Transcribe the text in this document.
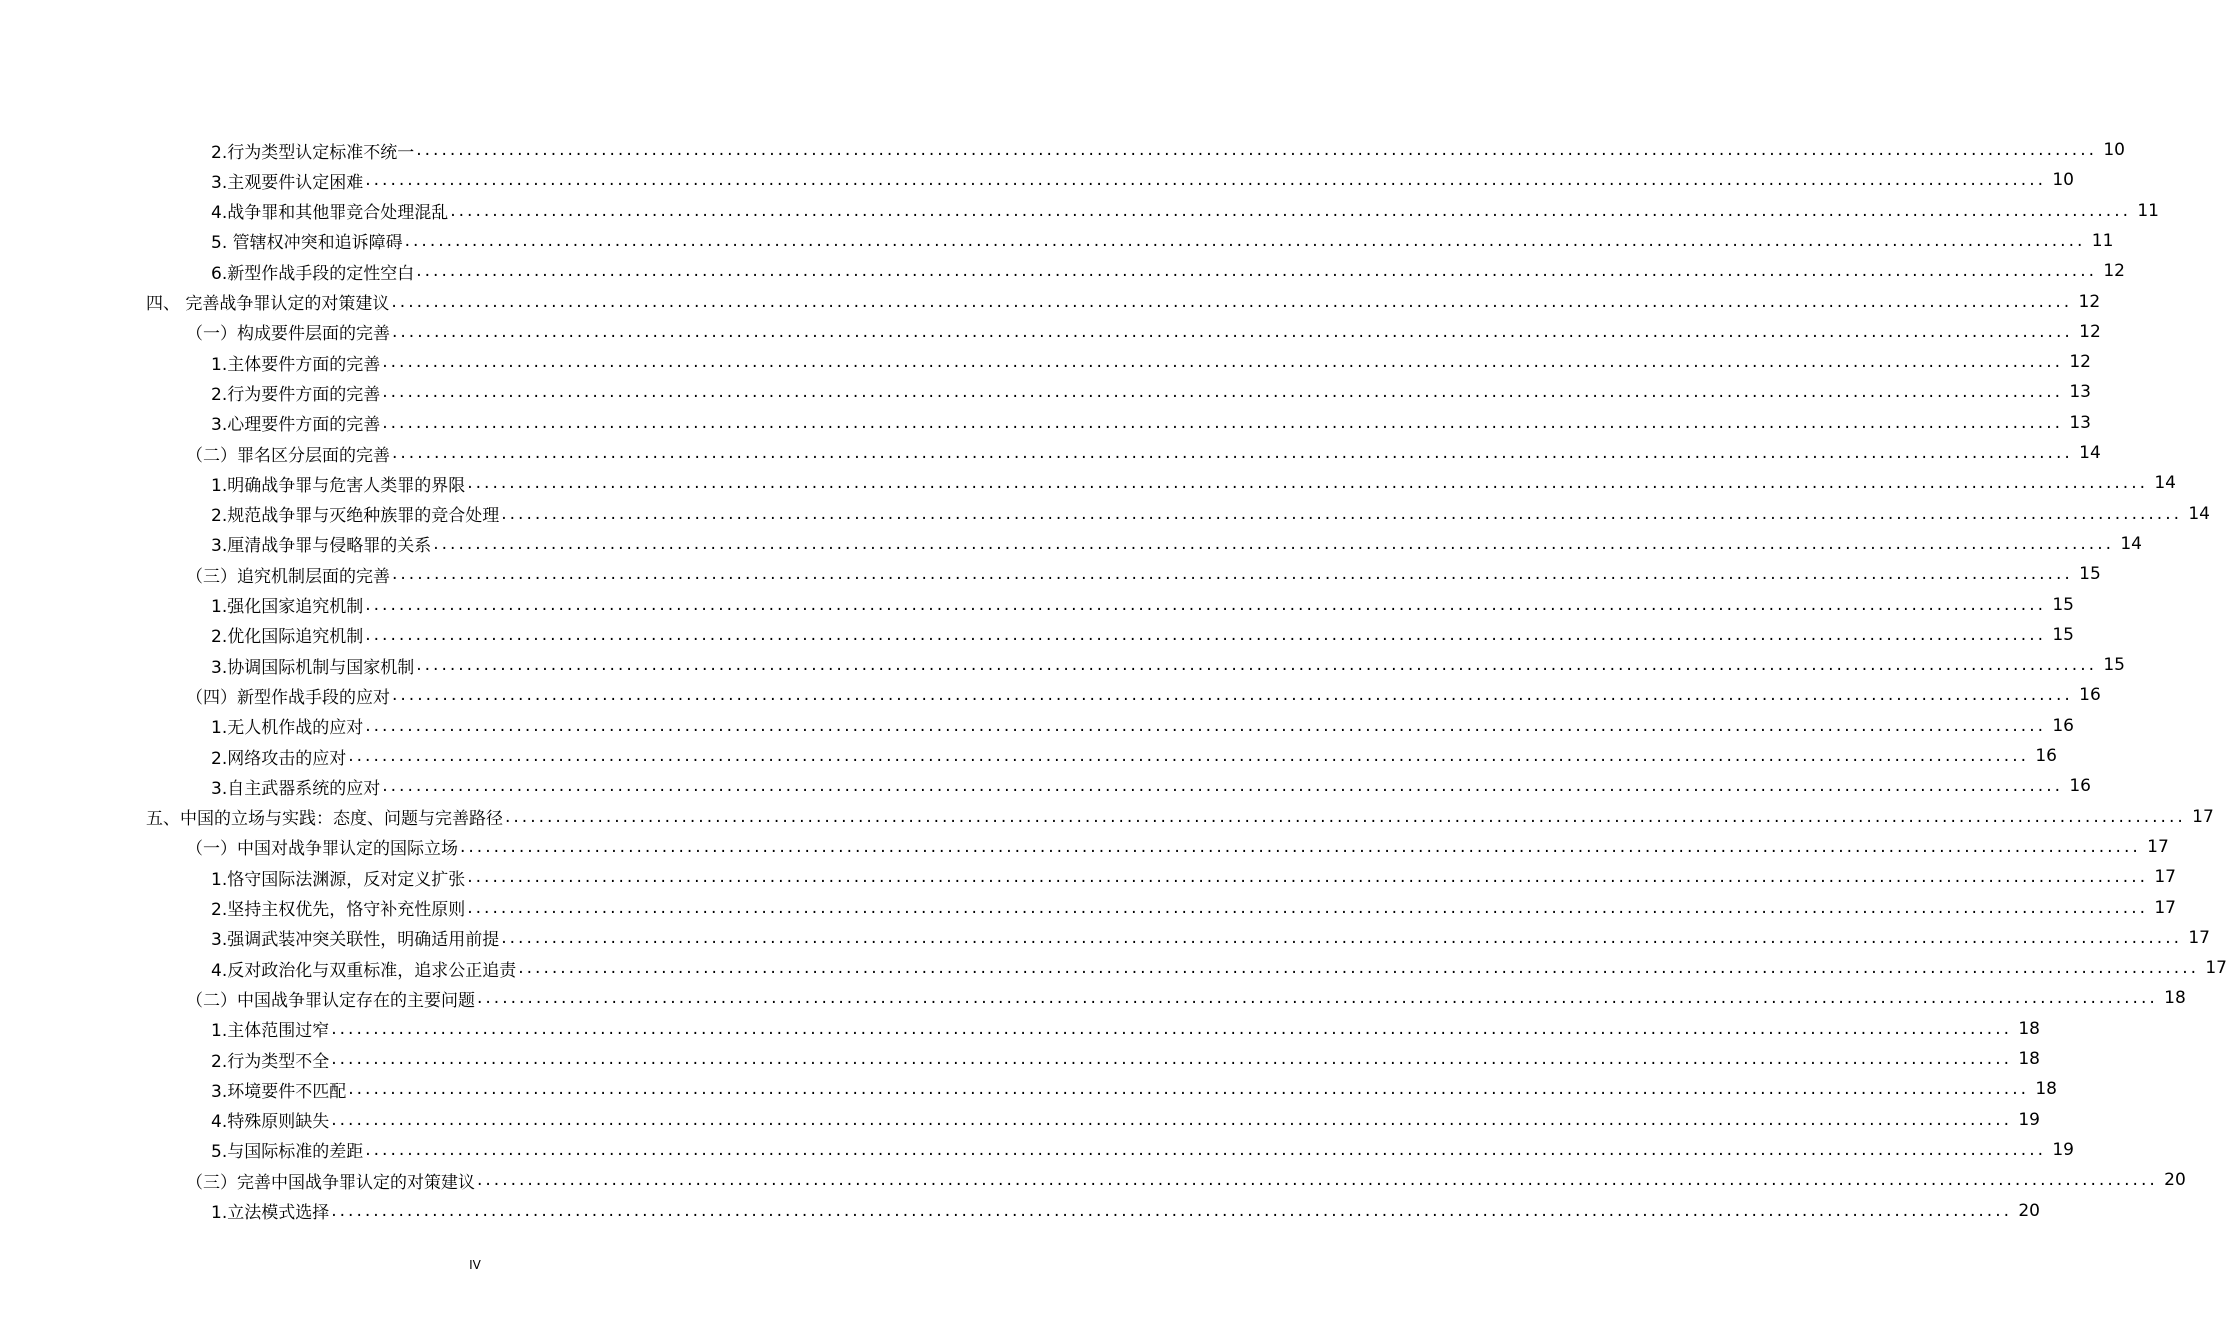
2.行为类型认定标准不统一 ........................................................................................................................................................................................................ 10
3.主观要件认定困难 ........................................................................................................................................................................................................ 10
4.战争罪和其他罪竞合处理混乱 ........................................................................................................................................................................................................ 11
5. 管辖权冲突和追诉障碍 ........................................................................................................................................................................................................ 11
6.新型作战手段的定性空白 ........................................................................................................................................................................................................ 12
四、 完善战争罪认定的对策建议 ........................................................................................................................................................................................................ 12
（一）构成要件层面的完善 ........................................................................................................................................................................................................ 12
1.主体要件方面的完善 ........................................................................................................................................................................................................ 12
2.行为要件方面的完善 ........................................................................................................................................................................................................ 13
3.心理要件方面的完善 ........................................................................................................................................................................................................ 13
（二）罪名区分层面的完善 ........................................................................................................................................................................................................ 14
1.明确战争罪与危害人类罪的界限 ........................................................................................................................................................................................................ 14
2.规范战争罪与灭绝种族罪的竞合处理 ........................................................................................................................................................................................................ 14
3.厘清战争罪与侵略罪的关系 ........................................................................................................................................................................................................ 14
（三）追究机制层面的完善 ........................................................................................................................................................................................................ 15
1.强化国家追究机制 ........................................................................................................................................................................................................ 15
2.优化国际追究机制 ........................................................................................................................................................................................................ 15
3.协调国际机制与国家机制 ........................................................................................................................................................................................................ 15
（四）新型作战手段的应对 ........................................................................................................................................................................................................ 16
1.无人机作战的应对 ........................................................................................................................................................................................................ 16
2.网络攻击的应对 ........................................................................................................................................................................................................ 16
3.自主武器系统的应对 ........................................................................................................................................................................................................ 16
五、中国的立场与实践：态度、问题与完善路径 ........................................................................................................................................................................................................ 17
（一）中国对战争罪认定的国际立场 ........................................................................................................................................................................................................ 17
1.恪守国际法渊源，反对定义扩张 ........................................................................................................................................................................................................ 17
2.坚持主权优先，恪守补充性原则 ........................................................................................................................................................................................................ 17
3.强调武装冲突关联性，明确适用前提 ........................................................................................................................................................................................................ 17
4.反对政治化与双重标准，追求公正追责 ........................................................................................................................................................................................................ 17
（二）中国战争罪认定存在的主要问题 ........................................................................................................................................................................................................ 18
1.主体范围过窄 ........................................................................................................................................................................................................ 18
2.行为类型不全 ........................................................................................................................................................................................................ 18
3.环境要件不匹配 ........................................................................................................................................................................................................ 18
4.特殊原则缺失 ........................................................................................................................................................................................................ 19
5.与国际标准的差距 ........................................................................................................................................................................................................ 19
（三）完善中国战争罪认定的对策建议 ........................................................................................................................................................................................................ 20
1.立法模式选择 ........................................................................................................................................................................................................ 20
IV
